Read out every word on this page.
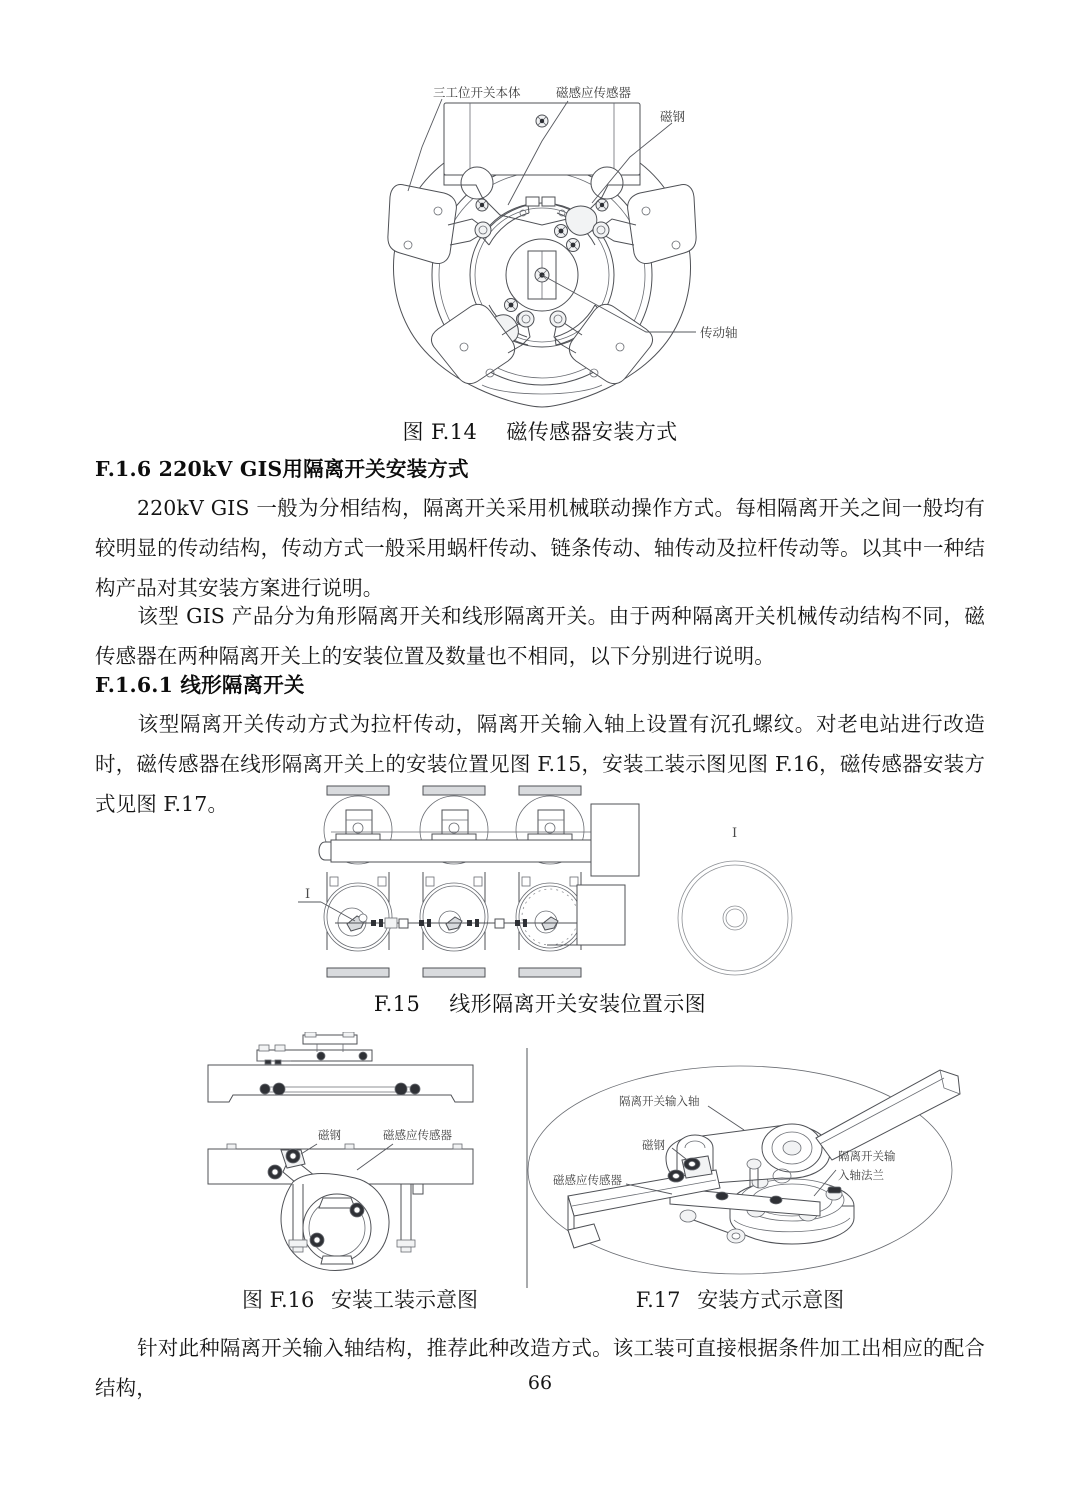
三工位开关本体	磁感应传感器
磁钢
传动轴
图 F.14 磁传感器安装方式
F.1.6 220kV GIS用隔离开关安装方式
220kV GIS 一般为分相结构，隔离开关采用机械联动操作方式。每相隔离开关之间一般均有较明显的传动结构，传动方式一般采用蜗杆传动、链条传动、轴传动及拉杆传动等。以其中一种结构产品对其安装方案进行说明。
该型 GIS 产品分为角形隔离开关和线形隔离开关。由于两种隔离开关机械传动结构不同，磁传感器在两种隔离开关上的安装位置及数量也不相同，以下分别进行说明。
F.1.6.1 线形隔离开关
该型隔离开关传动方式为拉杆传动，隔离开关输入轴上设置有沉孔螺纹。对老电站进行改造时，磁传感器在线形隔离开关上的安装位置见图 F.15，安装工装示图见图 F.16，磁传感器安装方式见图 F.17。
I
I
F.15 线形隔离开关安装位置示图
磁钢	磁感应传感器
隔离开关输入轴
磁钢
磁感应传感器
隔离开关输
入轴法兰
图 F.16 安装工装示意图	F.17 安装方式示意图
针对此种隔离开关输入轴结构，推荐此种改造方式。该工装可直接根据条件加工出相应的配合结构，	66
